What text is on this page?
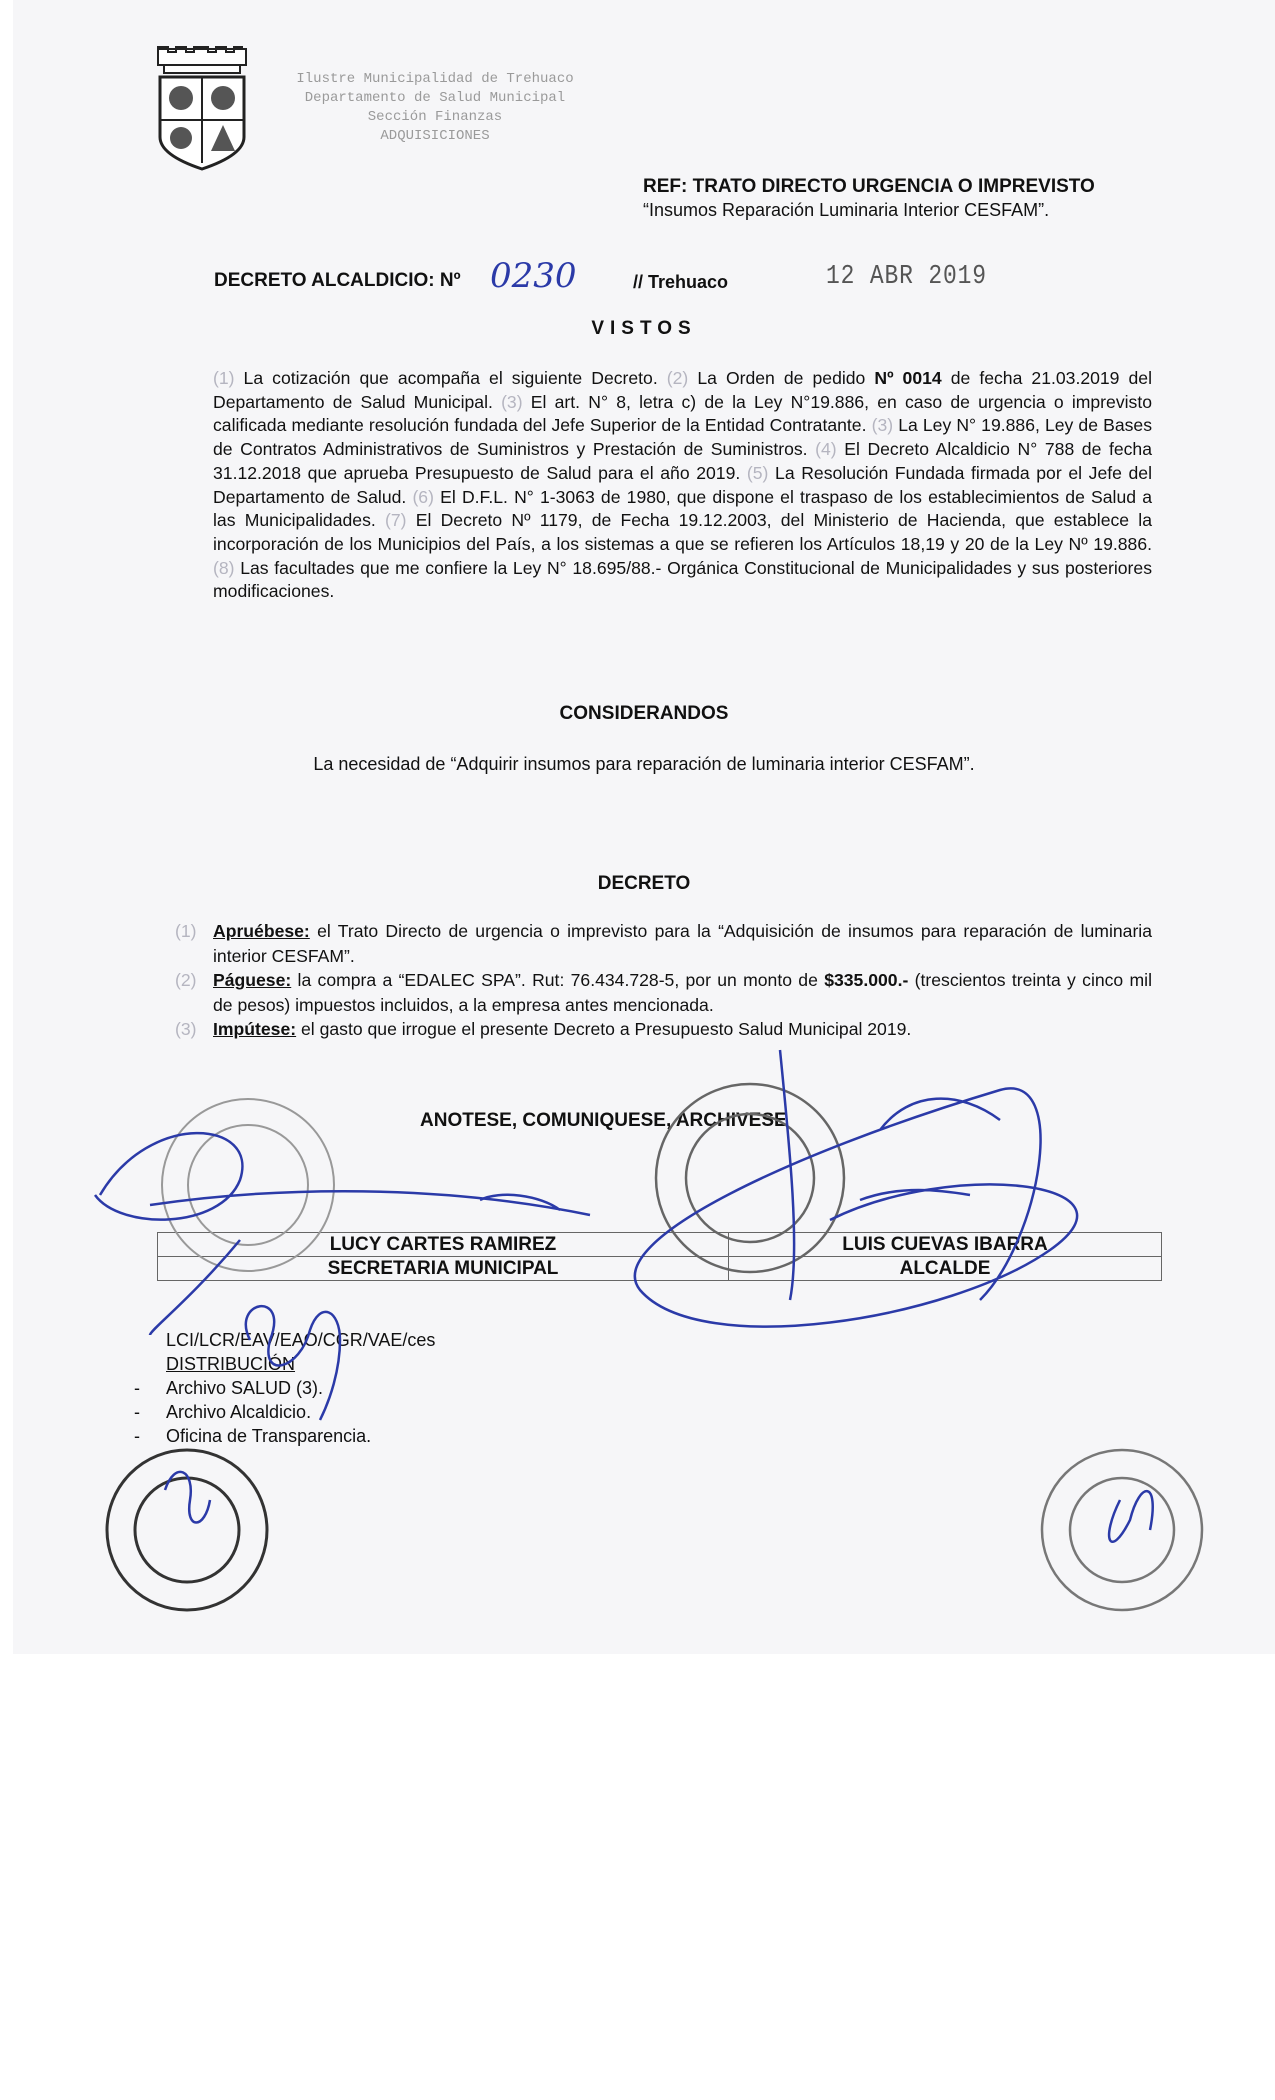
Ilustre Municipalidad de Trehuaco
Departamento de Salud Municipal
Sección Finanzas
ADQUISICIONES
REF: TRATO DIRECTO URGENCIA O IMPREVISTO
“Insumos Reparación Luminaria Interior CESFAM”.
DECRETO ALCALDICIO: Nº 0230	// Trehuaco	12 ABR 2019
VISTOS
(1) La cotización que acompaña el siguiente Decreto. (2) La Orden de pedido Nº 0014 de fecha 21.03.2019 del Departamento de Salud Municipal. (3) El art. N° 8, letra c) de la Ley N°19.886, en caso de urgencia o imprevisto calificada mediante resolución fundada del Jefe Superior de la Entidad Contratante. (3) La Ley N° 19.886, Ley de Bases de Contratos Administrativos de Suministros y Prestación de Suministros. (4) El Decreto Alcaldicio N° 788 de fecha 31.12.2018 que aprueba Presupuesto de Salud para el año 2019. (5) La Resolución Fundada firmada por el Jefe del Departamento de Salud. (6) El D.F.L. N° 1-3063 de 1980, que dispone el traspaso de los establecimientos de Salud a las Municipalidades. (7) El Decreto Nº 1179, de Fecha 19.12.2003, del Ministerio de Hacienda, que establece la incorporación de los Municipios del País, a los sistemas a que se refieren los Artículos 18,19 y 20 de la Ley Nº 19.886. (8) Las facultades que me confiere la Ley N° 18.695/88.- Orgánica Constitucional de Municipalidades y sus posteriores modificaciones.
CONSIDERANDOS
La necesidad de “Adquirir insumos para reparación de luminaria interior CESFAM”.
DECRETO
(1) Apruébese: el Trato Directo de urgencia o imprevisto para la “Adquisición de insumos para reparación de luminaria interior CESFAM”.
(2) Páguese: la compra a “EDALEC SPA”. Rut: 76.434.728-5, por un monto de $335.000.- (trescientos treinta y cinco mil de pesos) impuestos incluidos, a la empresa antes mencionada.
(3) Impútese: el gasto que irrogue el presente Decreto a Presupuesto Salud Municipal 2019.
ANOTESE, COMUNIQUESE, ARCHIVESE
LUCY CARTES RAMIREZ	LUIS CUEVAS IBARRA
SECRETARIA MUNICIPAL	ALCALDE
LCI/LCR/EAV/EAO/CGR/VAE/ces
DISTRIBUCIÓN
- Archivo SALUD (3).
- Archivo Alcaldicio.
- Oficina de Transparencia.
